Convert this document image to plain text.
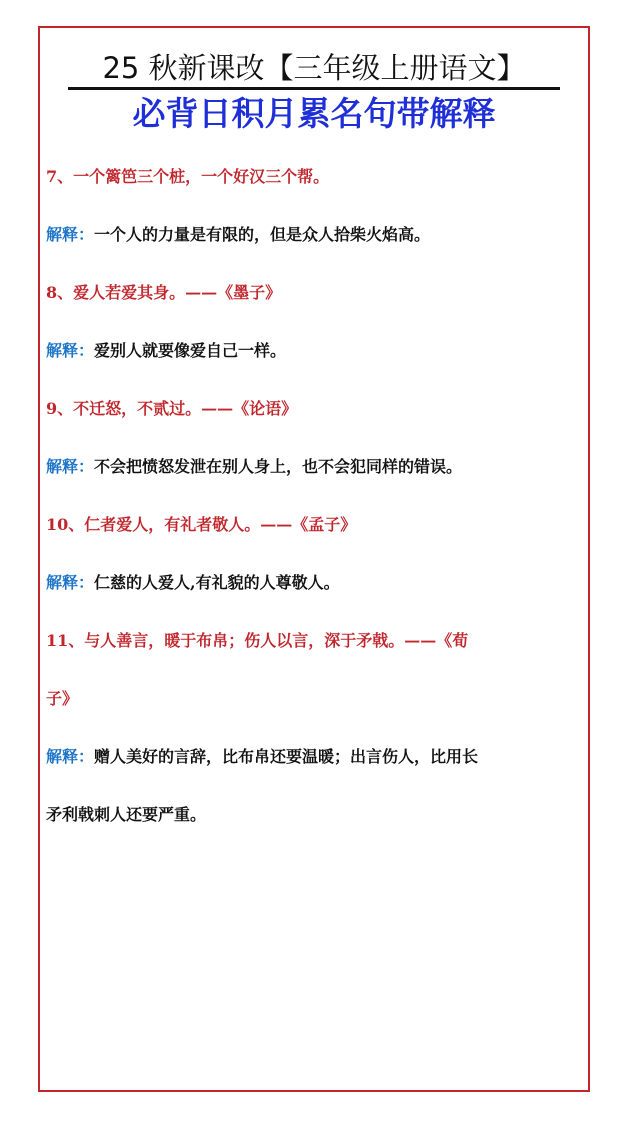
25 秋新课改【三年级上册语文】
必背日积月累名句带解释
7、一个篱笆三个桩，一个好汉三个帮。
解释：一个人的力量是有限的，但是众人拾柴火焰高。
8、爱人若爱其身。——《墨子》
解释：爱别人就要像爱自己一样。
9、不迁怒，不贰过。——《论语》
解释：不会把愤怒发泄在别人身上，也不会犯同样的错误。
10、仁者爱人，有礼者敬人。——《孟子》
解释：仁慈的人爱人,有礼貌的人尊敬人。
11、与人善言，暖于布帛；伤人以言，深于矛戟。——《荀
子》
解释：赠人美好的言辞，比布帛还要温暖；出言伤人，比用长
矛利戟刺人还要严重。
